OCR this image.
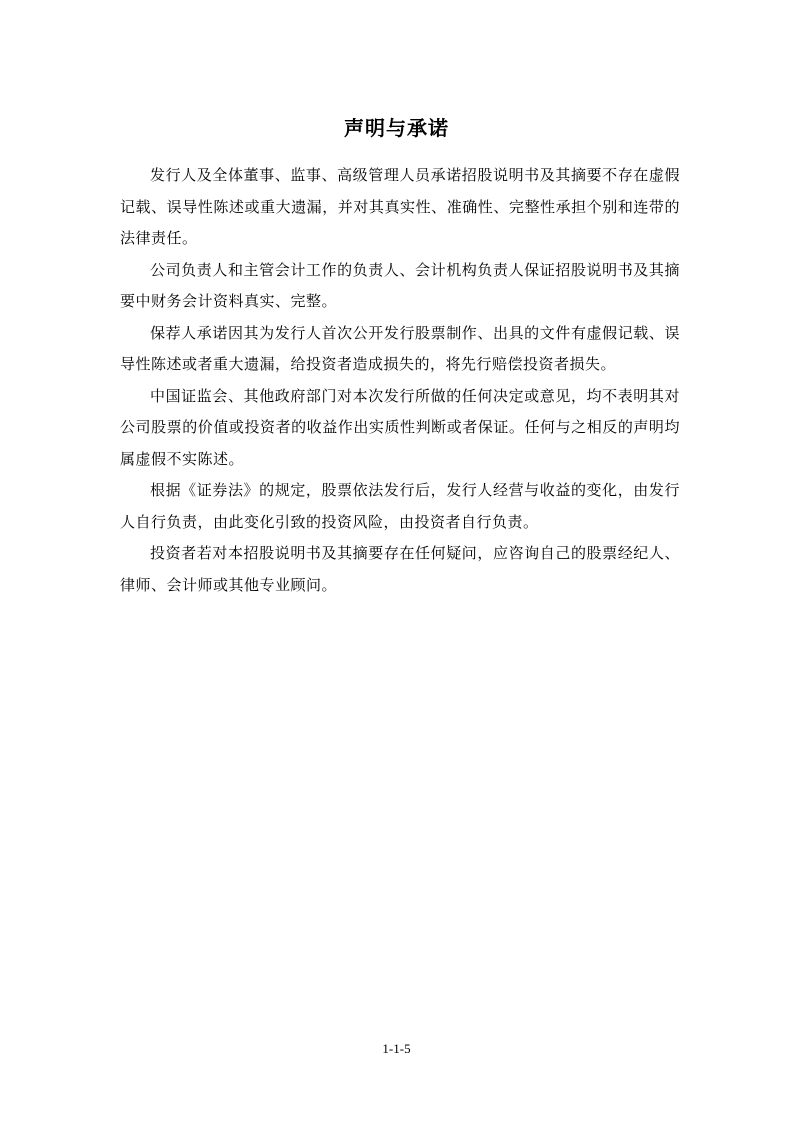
声明与承诺

发行人及全体董事、监事、高级管理人员承诺招股说明书及其摘要不存在虚假记载、误导性陈述或重大遗漏，并对其真实性、准确性、完整性承担个别和连带的法律责任。

公司负责人和主管会计工作的负责人、会计机构负责人保证招股说明书及其摘要中财务会计资料真实、完整。

保荐人承诺因其为发行人首次公开发行股票制作、出具的文件有虚假记载、误导性陈述或者重大遗漏，给投资者造成损失的，将先行赔偿投资者损失。

中国证监会、其他政府部门对本次发行所做的任何决定或意见，均不表明其对公司股票的价值或投资者的收益作出实质性判断或者保证。任何与之相反的声明均属虚假不实陈述。

根据《证券法》的规定，股票依法发行后，发行人经营与收益的变化，由发行人自行负责，由此变化引致的投资风险，由投资者自行负责。

投资者若对本招股说明书及其摘要存在任何疑问，应咨询自己的股票经纪人、律师、会计师或其他专业顾问。

1-1-5
